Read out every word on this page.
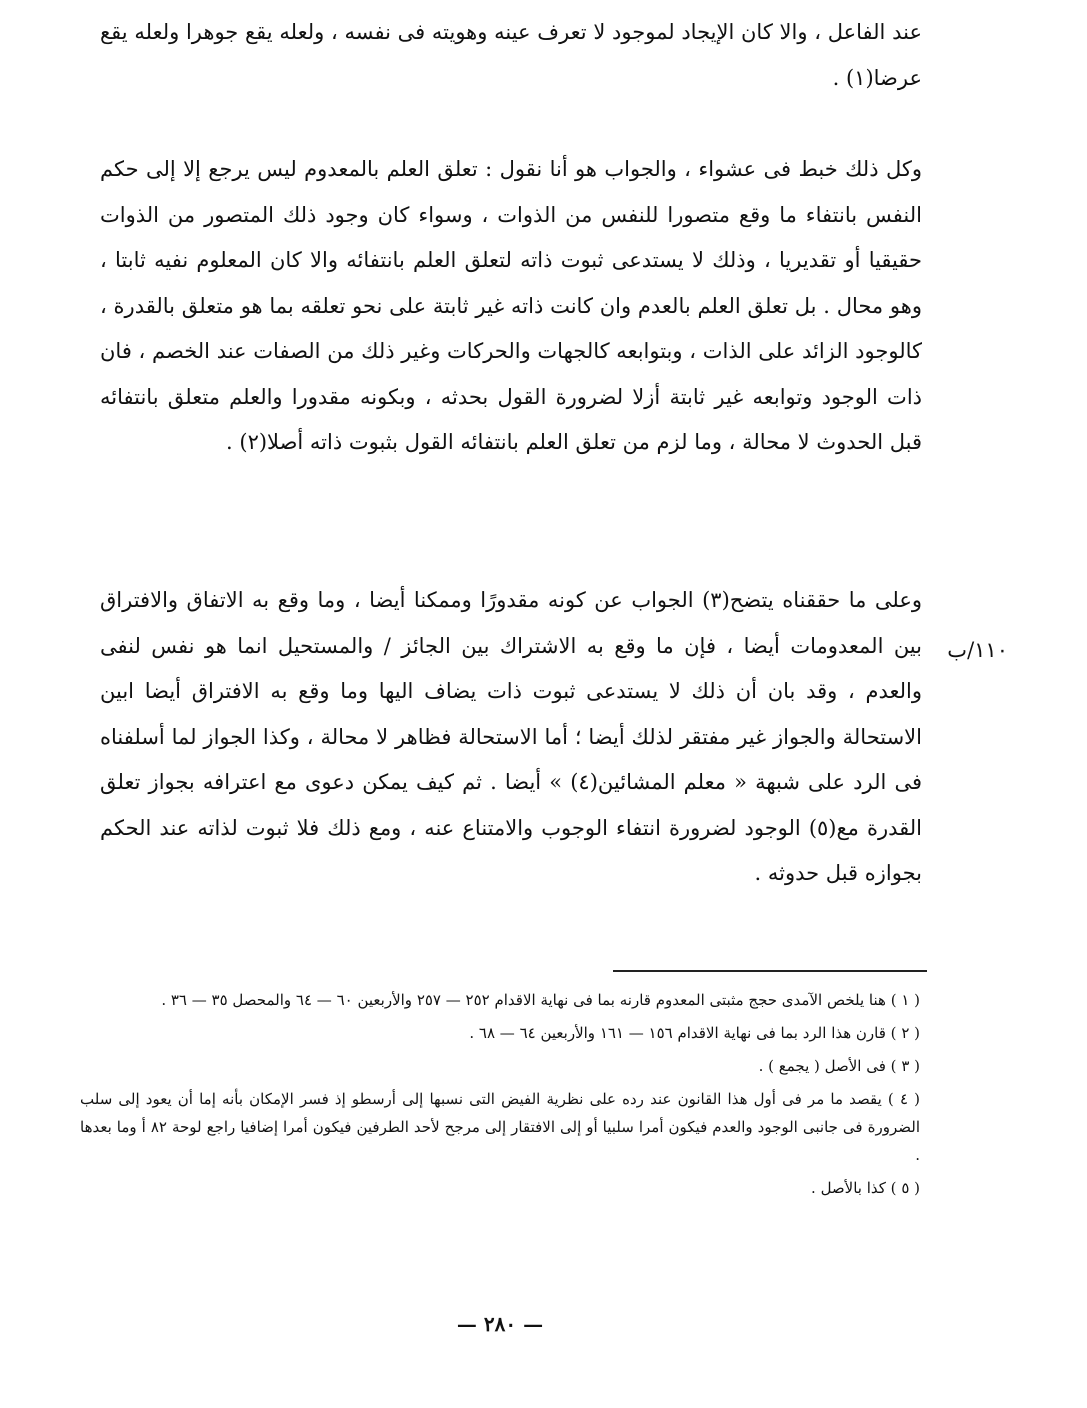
عند الفاعل ، والا كان الإيجاد لموجود لا تعرف عينه وهويته فى نفسه ، ولعله يقع جوهرا ولعله يقع عرضا(١) .

وكل ذلك خبط فى عشواء ، والجواب هو أنا نقول : تعلق العلم بالمعدوم ليس يرجع إلا إلى حكم النفس بانتفاء ما وقع متصورا للنفس من الذوات ، وسواء كان وجود ذلك المتصور من الذوات حقيقيا أو تقديريا ، وذلك لا يستدعى ثبوت ذاته لتعلق العلم بانتفائه والا كان المعلوم نفيه ثابتا ، وهو محال . بل تعلق العلم بالعدم وان كانت ذاته غير ثابتة على نحو تعلقه بما هو متعلق بالقدرة ، كالوجود الزائد على الذات ، وبتوابعه كالجهات والحركات وغير ذلك من الصفات عند الخصم ، فان ذات الوجود وتوابعه غير ثابتة أزلا لضرورة القول بحدثه ، وبكونه مقدورا والعلم متعلق بانتفائه قبل الحدوث لا محالة ، وما لزم من تعلق العلم بانتفائه القول بثبوت ذاته أصلا(٢) .

وعلى ما حققناه يتضح(٣) الجواب عن كونه مقدورًا وممكنا أيضا ، وما وقع به الاتفاق والافتراق بين المعدومات أيضا ، فإن ما وقع به الاشتراك بين الجائز / والمستحيل انما هو نفس لنفى والعدم ، وقد بان أن ذلك لا يستدعى ثبوت ذات يضاف اليها وما وقع به الافتراق أيضا ابين الاستحالة والجواز غير مفتقر لذلك أيضا ؛ أما الاستحالة فظاهر لا محالة ، وكذا الجواز لما أسلفناه فى الرد على شبهة « معلم المشائين(٤) » أيضا . ثم كيف يمكن دعوى مع اعترافه بجواز تعلق القدرة مع(٥) الوجود لضرورة انتفاء الوجوب والامتناع عنه ، ومع ذلك فلا ثبوت لذاته عند الحكم بجوازه قبل حدوثه .

١١٠/ب

( ١ ) هنا يلخص الآمدى حجج مثبتى المعدوم قارنه بما فى نهاية الاقدام ٢٥٢ — ٢٥٧ والأربعين ٦٠ — ٦٤ والمحصل ٣٥ — ٣٦ .

( ٢ ) قارن هذا الرد بما فى نهاية الاقدام ١٥٦ — ١٦١ والأربعين ٦٤ — ٦٨ .

( ٣ ) فى الأصل ( يجمع ) .

( ٤ ) يقصد ما مر فى أول هذا القانون عند رده على نظرية الفيض التى نسبها إلى أرسطو إذ فسر الإمكان بأنه إما أن يعود إلى سلب الضرورة فى جانبى الوجود والعدم فيكون أمرا سلبيا أو إلى الافتقار إلى مرجح لأحد الطرفين فيكون أمرا إضافيا راجع لوحة ٨٢ أ وما بعدها .

( ٥ ) كذا بالأصل .

— ٢٨٠ —
